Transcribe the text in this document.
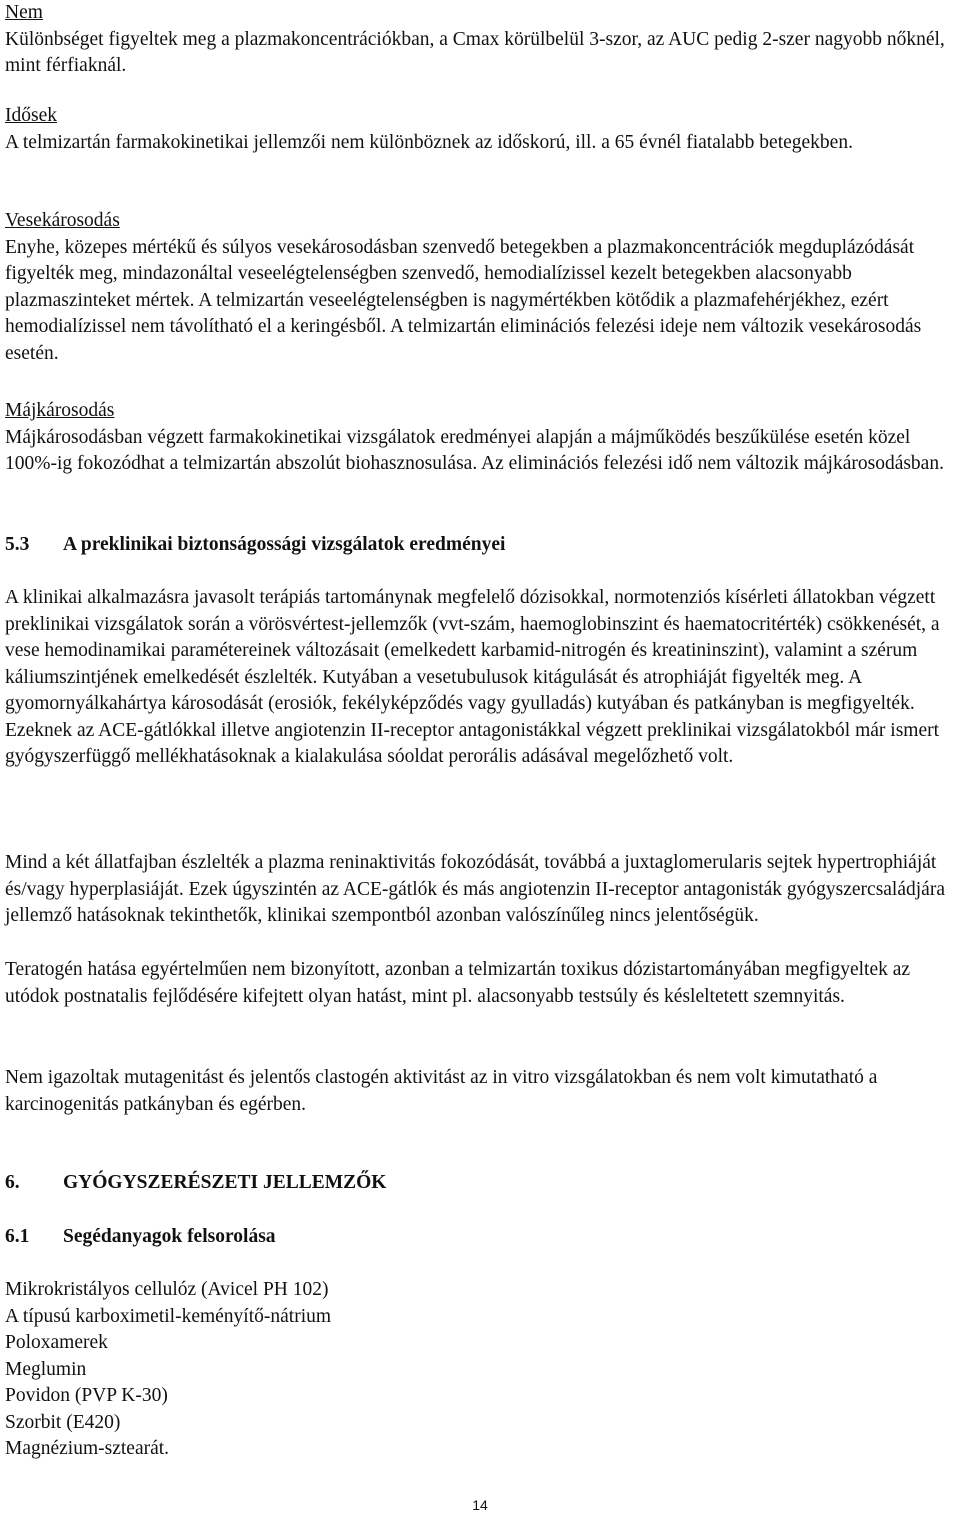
Nem

Különbséget figyeltek meg a plazmakoncentrációkban, a Cmax körülbelül 3-szor, az AUC pedig 2-szer nagyobb nőknél, mint férfiaknál.

Idősek

A telmizartán farmakokinetikai jellemzői nem különböznek az időskorú, ill. a 65 évnél fiatalabb betegekben.

Vesekárosodás

Enyhe, közepes mértékű és súlyos vesekárosodásban szenvedő betegekben a plazmakoncentrációk megduplázódását figyelték meg, mindazonáltal veseelégtelenségben szenvedő, hemodialízissel kezelt betegekben alacsonyabb plazmaszinteket mértek. A telmizartán veseelégtelenségben is nagymértékben kötődik a plazmafehérjékhez, ezért hemodialízissel nem távolítható el a keringésből. A telmizartán eliminációs felezési ideje nem változik vesekárosodás esetén.

Májkárosodás

Májkárosodásban végzett farmakokinetikai vizsgálatok eredményei alapján a májműködés beszűkülése esetén közel 100%-ig fokozódhat a telmizartán abszolút biohasznosulása. Az eliminációs felezési idő nem változik májkárosodásban.

5.3 A preklinikai biztonságossági vizsgálatok eredményei

A klinikai alkalmazásra javasolt terápiás tartománynak megfelelő dózisokkal, normotenziós kísérleti állatokban végzett preklinikai vizsgálatok során a vörösvértest-jellemzők (vvt-szám, haemoglobinszint és haematocritérték) csökkenését, a vese hemodinamikai paramétereinek változásait (emelkedett karbamid-nitrogén és kreatininszint), valamint a szérum káliumszintjének emelkedését észlelték. Kutyában a vesetubulusok kitágulását és atrophiáját figyelték meg. A gyomornyálkahártya károsodását (erosiók, fekélyképződés vagy gyulladás) kutyában és patkányban is megfigyelték. Ezeknek az ACE-gátlókkal illetve angiotenzin II-receptor antagonistákkal végzett preklinikai vizsgálatokból már ismert gyógyszerfüggő mellékhatásoknak a kialakulása sóoldat perorális adásával megelőzhető volt.

Mind a két állatfajban észlelték a plazma reninaktivitás fokozódását, továbbá a juxtaglomerularis sejtek hypertrophiáját és/vagy hyperplasiáját. Ezek úgyszintén az ACE-gátlók és más angiotenzin II-receptor antagonisták gyógyszercsaládjára jellemző hatásoknak tekinthetők, klinikai szempontból azonban valószínűleg nincs jelentőségük.

Teratogén hatása egyértelműen nem bizonyított, azonban a telmizartán toxikus dózistartományában megfigyeltek az utódok postnatalis fejlődésére kifejtett olyan hatást, mint pl. alacsonyabb testsúly és késleltetett szemnyitás.

Nem igazoltak mutagenitást és jelentős clastogén aktivitást az in vitro vizsgálatokban és nem volt kimutatható a karcinogenitás patkányban és egérben.

6. GYÓGYSZERÉSZETI JELLEMZŐK
6.1 Segédanyagok felsorolása
Mikrokristályos cellulóz (Avicel PH 102)
A típusú karboximetil-keményítő-nátrium
Poloxamerek
Meglumin
Povidon (PVP K-30)
Szorbit (E420)
Magnézium-sztearát.
14
